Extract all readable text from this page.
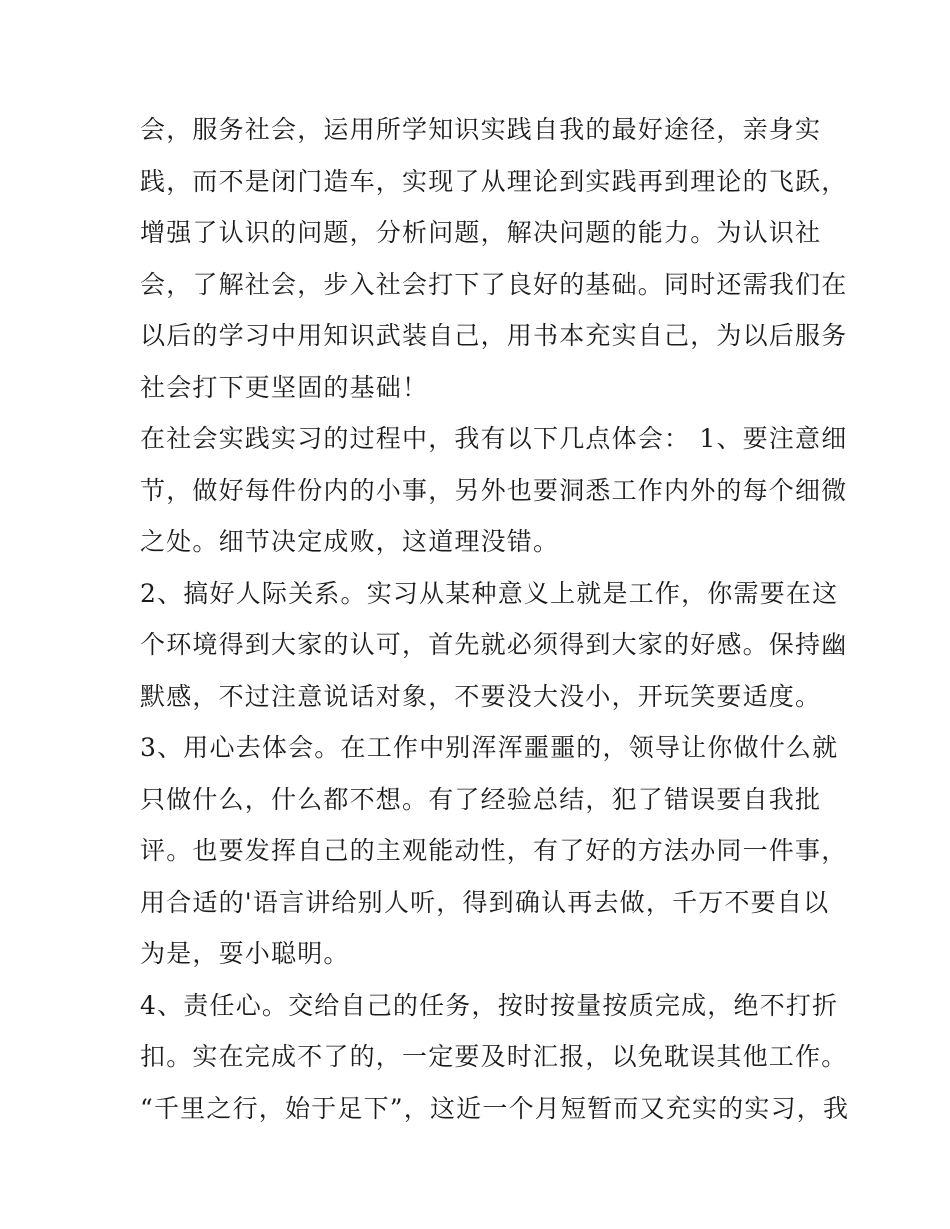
会，服务社会，运用所学知识实践自我的最好途径，亲身实
践，而不是闭门造车，实现了从理论到实践再到理论的飞跃，
增强了认识的问题，分析问题，解决问题的能力。为认识社
会，了解社会，步入社会打下了良好的基础。同时还需我们在
以后的学习中用知识武装自己，用书本充实自己，为以后服务
社会打下更坚固的基础！
在社会实践实习的过程中，我有以下几点体会： 1、要注意细
节，做好每件份内的小事，另外也要洞悉工作内外的每个细微
之处。细节决定成败，这道理没错。
2、搞好人际关系。实习从某种意义上就是工作，你需要在这
个环境得到大家的认可，首先就必须得到大家的好感。保持幽
默感，不过注意说话对象，不要没大没小，开玩笑要适度。
3、用心去体会。在工作中别浑浑噩噩的，领导让你做什么就
只做什么，什么都不想。有了经验总结，犯了错误要自我批
评。也要发挥自己的主观能动性，有了好的方法办同一件事，
用合适的'语言讲给别人听，得到确认再去做，千万不要自以
为是，耍小聪明。
4、责任心。交给自己的任务，按时按量按质完成，绝不打折
扣。实在完成不了的，一定要及时汇报，以免耽误其他工作。
“千里之行，始于足下”，这近一个月短暂而又充实的实习，我
